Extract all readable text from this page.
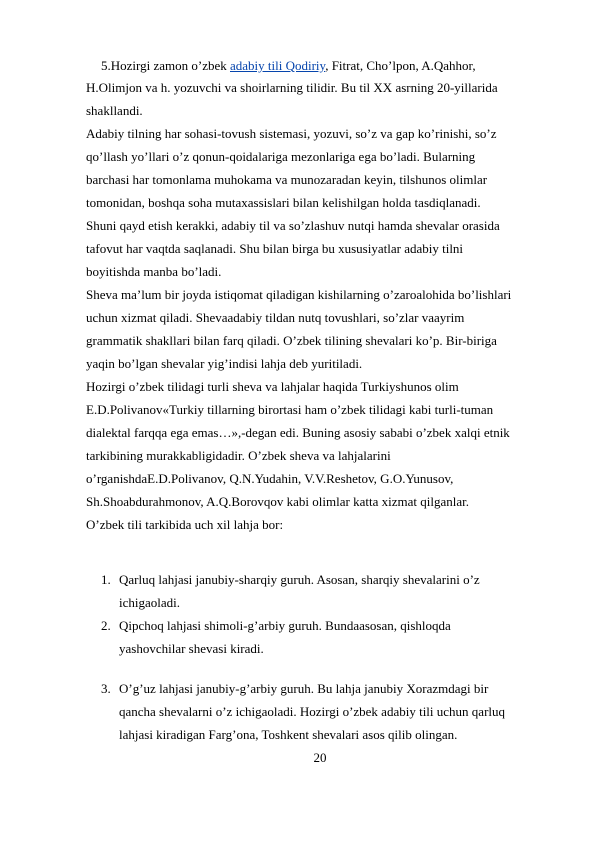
5.Hozirgi zamon o’zbek adabiy tili Qodiriy, Fitrat, Cho’lpon, A.Qahhor,
H.Olimjon va h. yozuvchi va shoirlarning tilidir. Bu til XX asrning 20-yillarida
shakllandi.
Adabiy tilning har sohasi-tovush sistemasi, yozuvi, so’z va gap ko’rinishi, so’z
qo’llash yo’llari o’z qonun-qoidalariga mezonlariga ega bo’ladi. Bularning
barchasi har tomonlama muhokama va munozaradan keyin, tilshunos olimlar
tomonidan, boshqa soha mutaxassislari bilan kelishilgan holda tasdiqlanadi.
Shuni qayd etish kerakki, adabiy til va so’zlashuv nutqi hamda shevalar orasida
tafovut har vaqtda saqlanadi. Shu bilan birga bu xususiyatlar adabiy tilni
boyitishda manba bo’ladi.
Sheva ma’lum bir joyda istiqomat qiladigan kishilarning o’zaroalohida bo’lishlari
uchun xizmat qiladi. Shevaadabiy tildan nutq tovushlari, so’zlar vaayrim
grammatik shakllari bilan farq qiladi. O’zbek tilining shevalari ko’p. Bir-biriga
yaqin bo’lgan shevalar yig’indisi lahja deb yuritiladi.
Hozirgi o’zbek tilidagi turli sheva va lahjalar haqida Turkiyshunos olim
E.D.Polivanov«Turkiy tillarning birortasi ham o’zbek tilidagi kabi turli-tuman
dialektal farqqa ega emas…»,-degan edi. Buning asosiy sababi o’zbek xalqi etnik
tarkibining murakkabligidadir. O’zbek sheva va lahjalarini
o’rganishdaE.D.Polivanov, Q.N.Yudahin, V.V.Reshetov, G.O.Yunusov,
Sh.Shoabdurahmonov, A.Q.Borovqov kabi olimlar katta xizmat qilganlar.
O’zbek tili tarkibida uch xil lahja bor:
1. Qarluq lahjasi janubiy-sharqiy guruh. Asosan, sharqiy shevalarini o’z
ichigaoladi.
2. Qipchoq lahjasi shimoli-g’arbiy guruh. Bundaasosan, qishloqda
yashovchilar shevasi kiradi.
3. O’g’uz lahjasi janubiy-g’arbiy guruh. Bu lahja janubiy Xorazmdagi bir
qancha shevalarni o’z ichigaoladi. Hozirgi o’zbek adabiy tili uchun qarluq
lahjasi kiradigan Farg’ona, Toshkent shevalari asos qilib olingan.
20
